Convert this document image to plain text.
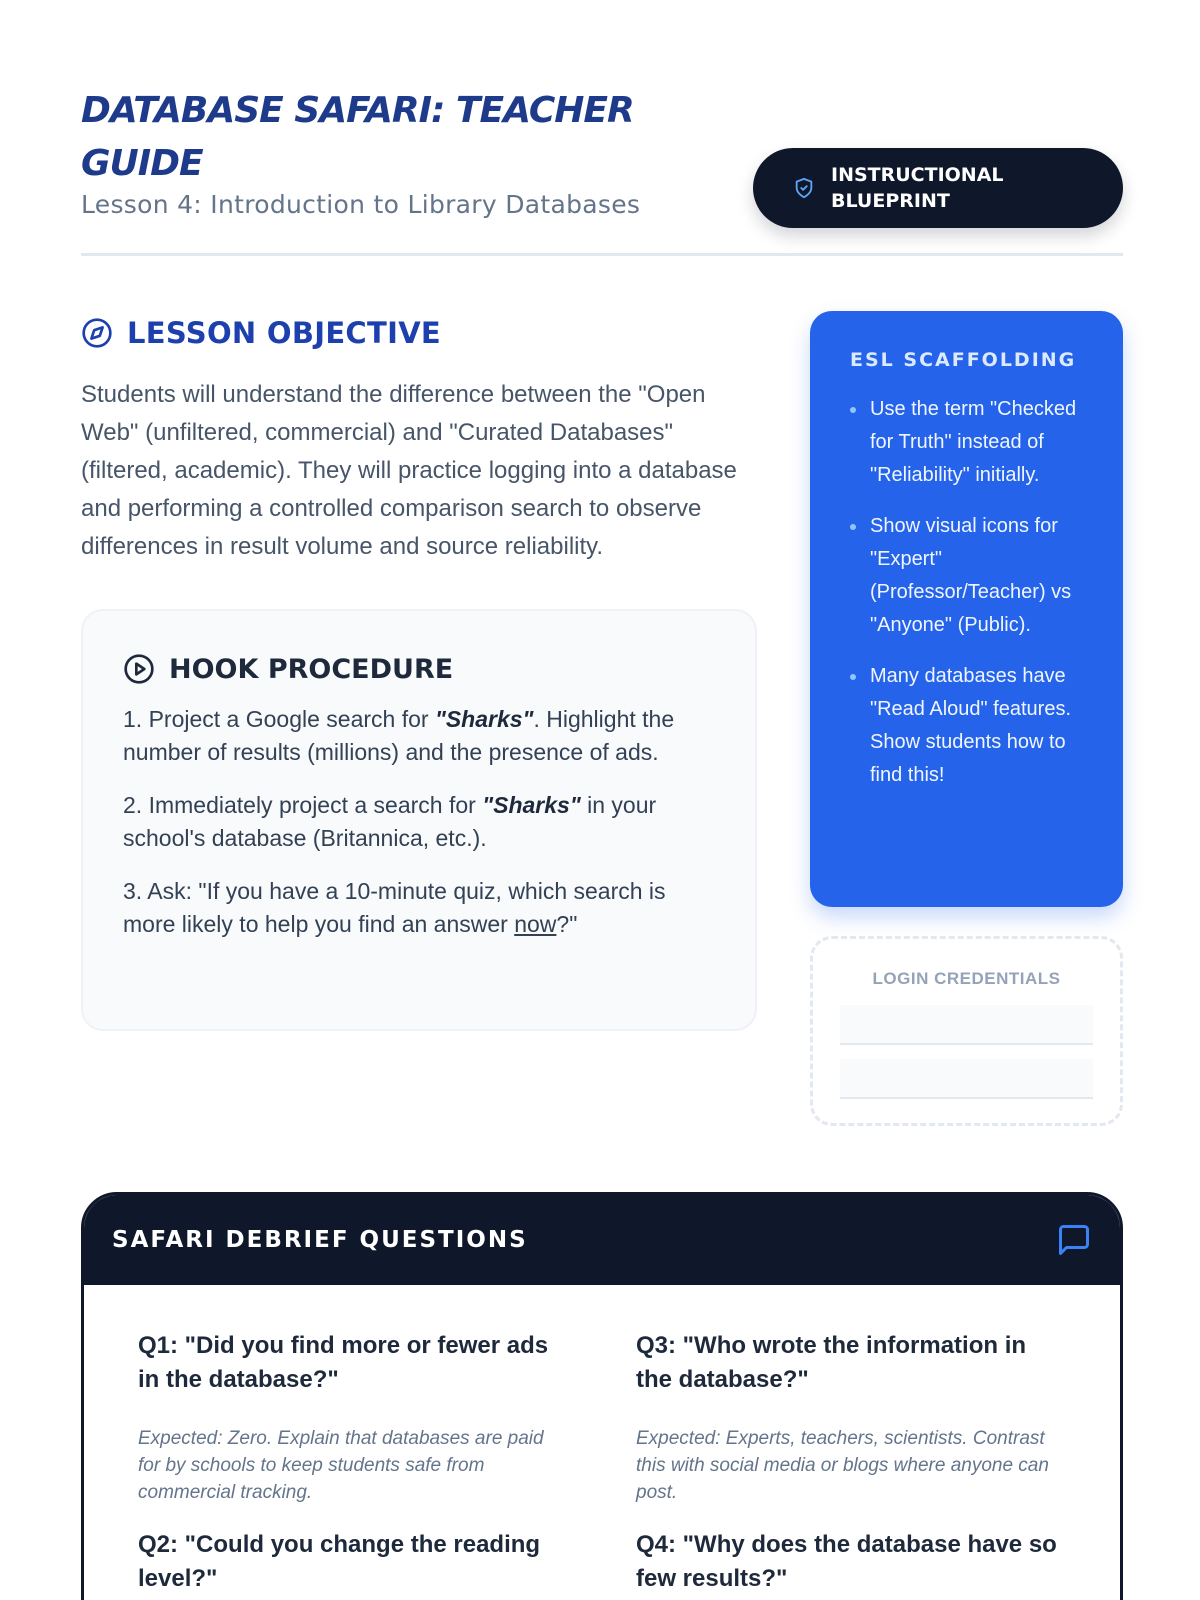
DATABASE SAFARI: TEACHER GUIDE
Lesson 4: Introduction to Library Databases
INSTRUCTIONAL BLUEPRINT
LESSON OBJECTIVE

Students will understand the difference between the "Open Web" (unfiltered, commercial) and "Curated Databases" (filtered, academic). They will practice logging into a database and performing a controlled comparison search to observe differences in result volume and source reliability.

HOOK PROCEDURE

1. Project a Google search for "Sharks". Highlight the number of results (millions) and the presence of ads.

2. Immediately project a search for "Sharks" in your school's database (Britannica, etc.).

3. Ask: "If you have a 10-minute quiz, which search is more likely to help you find an answer now?"

ESL SCAFFOLDING
Use the term "Checked for Truth" instead of "Reliability" initially.
Show visual icons for "Expert" (Professor/Teacher) vs "Anyone" (Public).
Many databases have "Read Aloud" features. Show students how to find this!
LOGIN CREDENTIALS
SAFARI DEBRIEF QUESTIONS

Q1: "Did you find more or fewer ads in the database?"

Expected: Zero. Explain that databases are paid for by schools to keep students safe from commercial tracking.

Q2: "Could you change the reading level?"

Q3: "Who wrote the information in the database?"

Expected: Experts, teachers, scientists. Contrast this with social media or blogs where anyone can post.

Q4: "Why does the database have so few results?"
